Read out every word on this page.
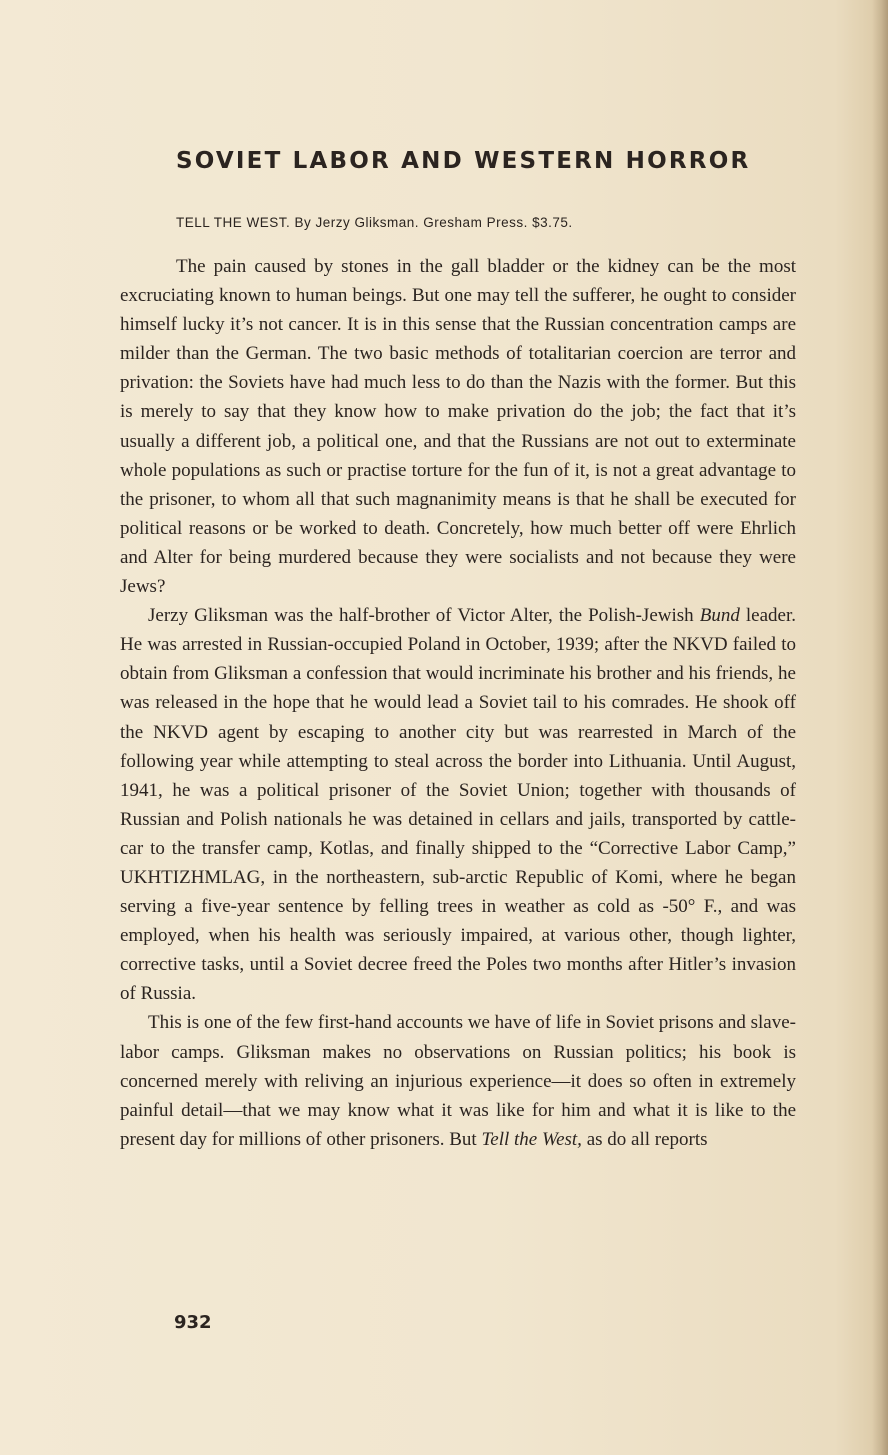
SOVIET LABOR AND WESTERN HORROR

TELL THE WEST. By Jerzy Gliksman. Gresham Press. $3.75.

The pain caused by stones in the gall bladder or the kidney can be the most excruciating known to human beings. But one may tell the sufferer, he ought to consider himself lucky it’s not cancer. It is in this sense that the Russian concentration camps are milder than the German. The two basic methods of totalitarian coercion are terror and privation: the Soviets have had much less to do than the Nazis with the former. But this is merely to say that they know how to make privation do the job; the fact that it’s usually a different job, a political one, and that the Russians are not out to exterminate whole populations as such or practise torture for the fun of it, is not a great advantage to the prisoner, to whom all that such magnanimity means is that he shall be executed for political reasons or be worked to death. Concretely, how much better off were Ehrlich and Alter for being murdered because they were socialists and not because they were Jews?

Jerzy Gliksman was the half-brother of Victor Alter, the Polish-Jewish Bund leader. He was arrested in Russian-occupied Poland in October, 1939; after the NKVD failed to obtain from Gliksman a confession that would incriminate his brother and his friends, he was released in the hope that he would lead a Soviet tail to his comrades. He shook off the NKVD agent by escaping to another city but was rearrested in March of the following year while attempting to steal across the border into Lithuania. Until August, 1941, he was a political prisoner of the Soviet Union; together with thousands of Russian and Polish nationals he was detained in cellars and jails, transported by cattle-car to the transfer camp, Kotlas, and finally shipped to the “Corrective Labor Camp,” UKHTIZHMLAG, in the northeastern, sub-arctic Republic of Komi, where he began serving a five-year sentence by felling trees in weather as cold as -50° F., and was employed, when his health was seriously impaired, at various other, though lighter, corrective tasks, until a Soviet decree freed the Poles two months after Hitler’s invasion of Russia.

This is one of the few first-hand accounts we have of life in Soviet prisons and slave-labor camps. Gliksman makes no observations on Russian politics; his book is concerned merely with reliving an injurious experience—it does so often in extremely painful detail—that we may know what it was like for him and what it is like to the present day for millions of other prisoners. But Tell the West, as do all reports

932
